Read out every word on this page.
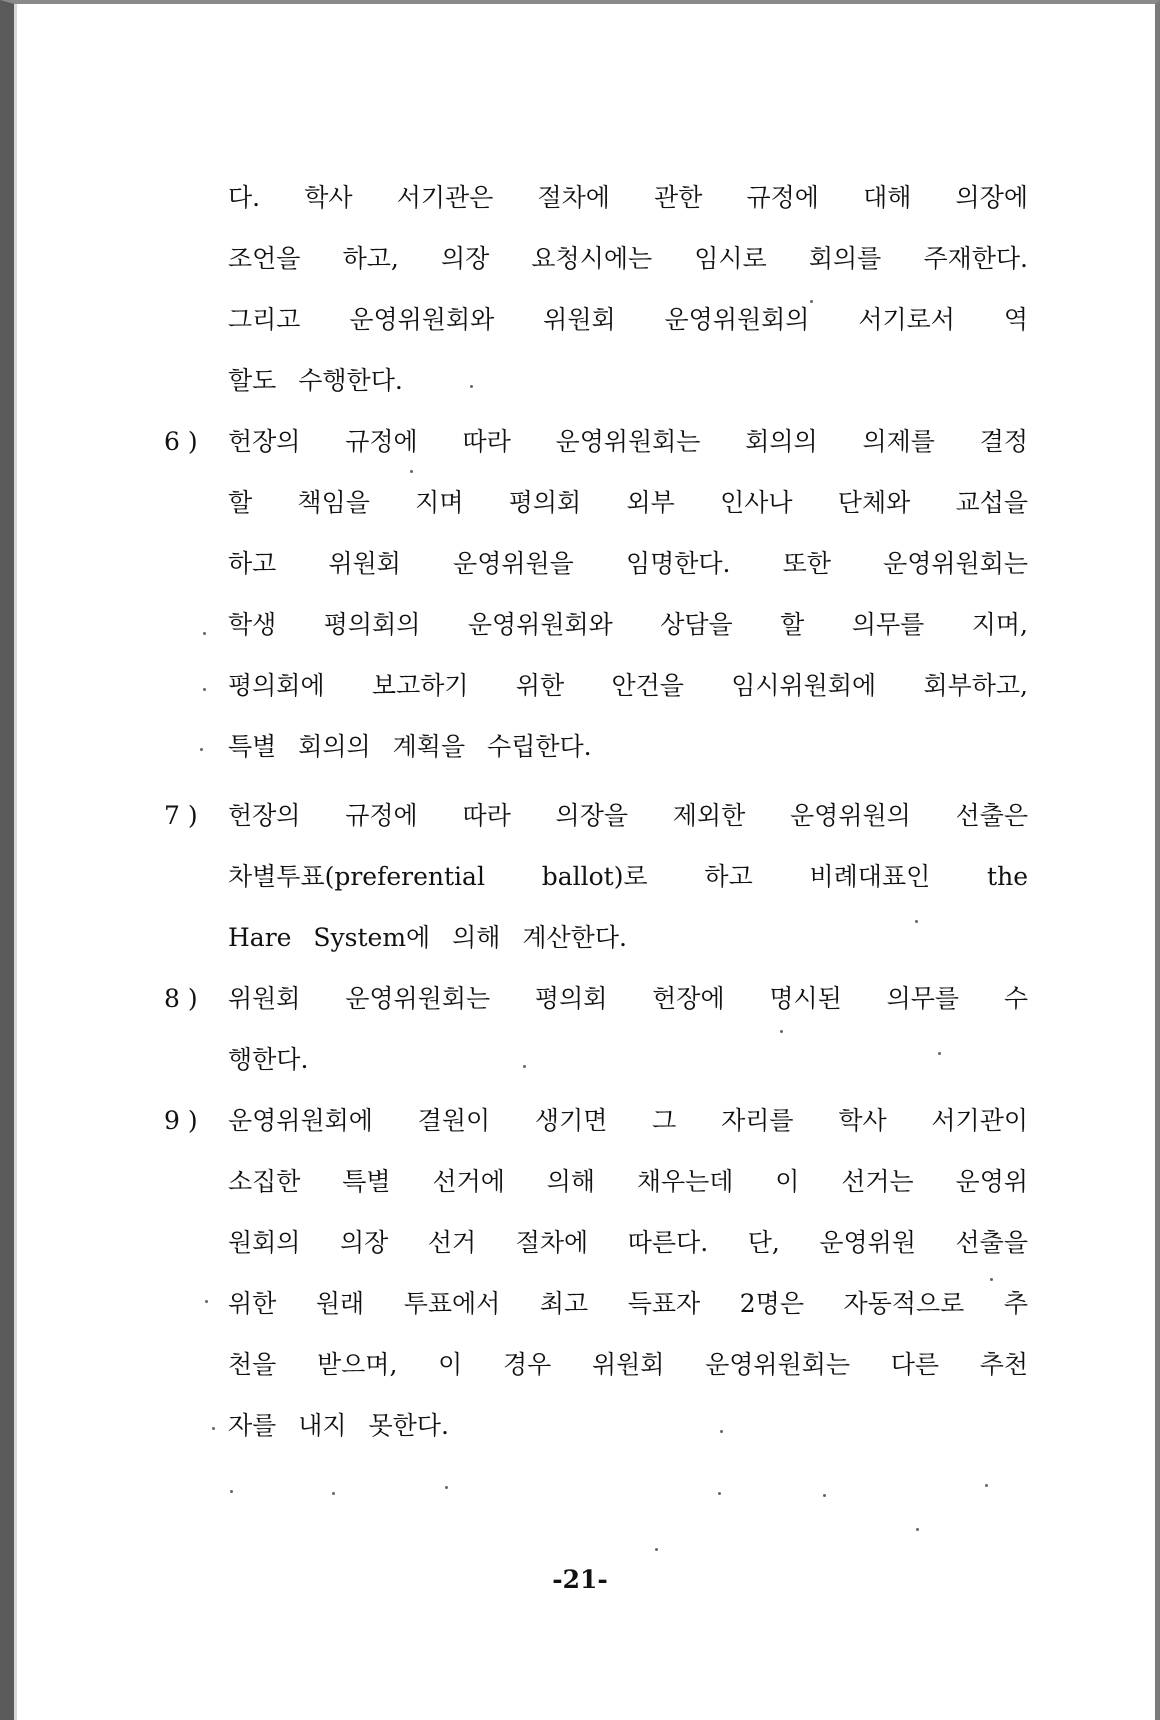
다. 학사 서기관은 절차에 관한 규정에 대해 의장에
조언을 하고, 의장 요청시에는 임시로 회의를 주재한다.
그리고 운영위원회와 위원회 운영위원회의 서기로서 역
할도 수행한다.
6 )	헌장의 규정에 따라 운영위원회는 회의의 의제를 결정
할 책임을 지며 평의회 외부 인사나 단체와 교섭을
하고 위원회 운영위원을 임명한다. 또한 운영위원회는
학생 평의회의 운영위원회와 상담을 할 의무를 지며,
평의회에 보고하기 위한 안건을 임시위원회에 회부하고,
특별 회의의 계획을 수립한다.
7 )	헌장의 규정에 따라 의장을 제외한 운영위원의 선출은
차별투표(preferential ballot)로 하고 비례대표인 the
Hare System에 의해 계산한다.
8 )	위원회 운영위원회는 평의회 헌장에 명시된 의무를 수
행한다.
9 )	운영위원회에 결원이 생기면 그 자리를 학사 서기관이
소집한 특별 선거에 의해 채우는데 이 선거는 운영위
원회의 의장 선거 절차에 따른다. 단, 운영위원 선출을
위한 원래 투표에서 최고 득표자 2명은 자동적으로 추
천을 받으며, 이 경우 위원회 운영위원회는 다른 추천
자를 내지 못한다.
-21-
